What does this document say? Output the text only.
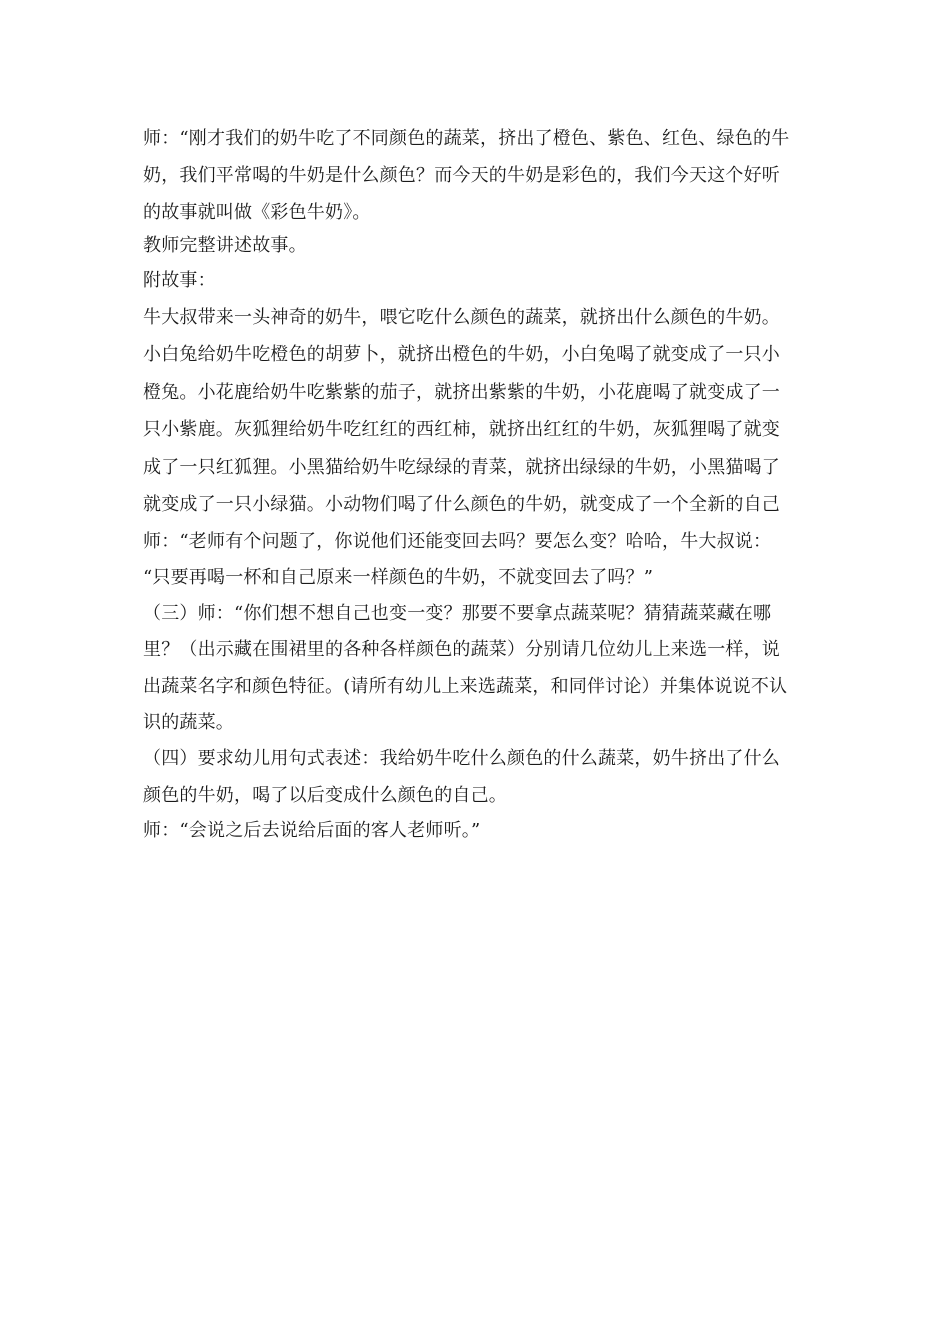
师：“刚才我们的奶牛吃了不同颜色的蔬菜，挤出了橙色、紫色、红色、绿色的牛
奶，我们平常喝的牛奶是什么颜色？而今天的牛奶是彩色的，我们今天这个好听
的故事就叫做《彩色牛奶》。
教师完整讲述故事。
附故事：
牛大叔带来一头神奇的奶牛，喂它吃什么颜色的蔬菜，就挤出什么颜色的牛奶。
小白兔给奶牛吃橙色的胡萝卜，就挤出橙色的牛奶，小白兔喝了就变成了一只小
橙兔。小花鹿给奶牛吃紫紫的茄子，就挤出紫紫的牛奶，小花鹿喝了就变成了一
只小紫鹿。灰狐狸给奶牛吃红红的西红柿，就挤出红红的牛奶，灰狐狸喝了就变
成了一只红狐狸。小黑猫给奶牛吃绿绿的青菜，就挤出绿绿的牛奶，小黑猫喝了
就变成了一只小绿猫。小动物们喝了什么颜色的牛奶，就变成了一个全新的自己
师：“老师有个问题了，你说他们还能变回去吗？要怎么变？哈哈，牛大叔说：
“只要再喝一杯和自己原来一样颜色的牛奶，不就变回去了吗？”
（三）师：“你们想不想自己也变一变？那要不要拿点蔬菜呢？猜猜蔬菜藏在哪
里？（出示藏在围裙里的各种各样颜色的蔬菜）分别请几位幼儿上来选一样，说
出蔬菜名字和颜色特征。(请所有幼儿上来选蔬菜，和同伴讨论）并集体说说不认
识的蔬菜。
（四）要求幼儿用句式表述：我给奶牛吃什么颜色的什么蔬菜，奶牛挤出了什么
颜色的牛奶，喝了以后变成什么颜色的自己。
师：“会说之后去说给后面的客人老师听。”
